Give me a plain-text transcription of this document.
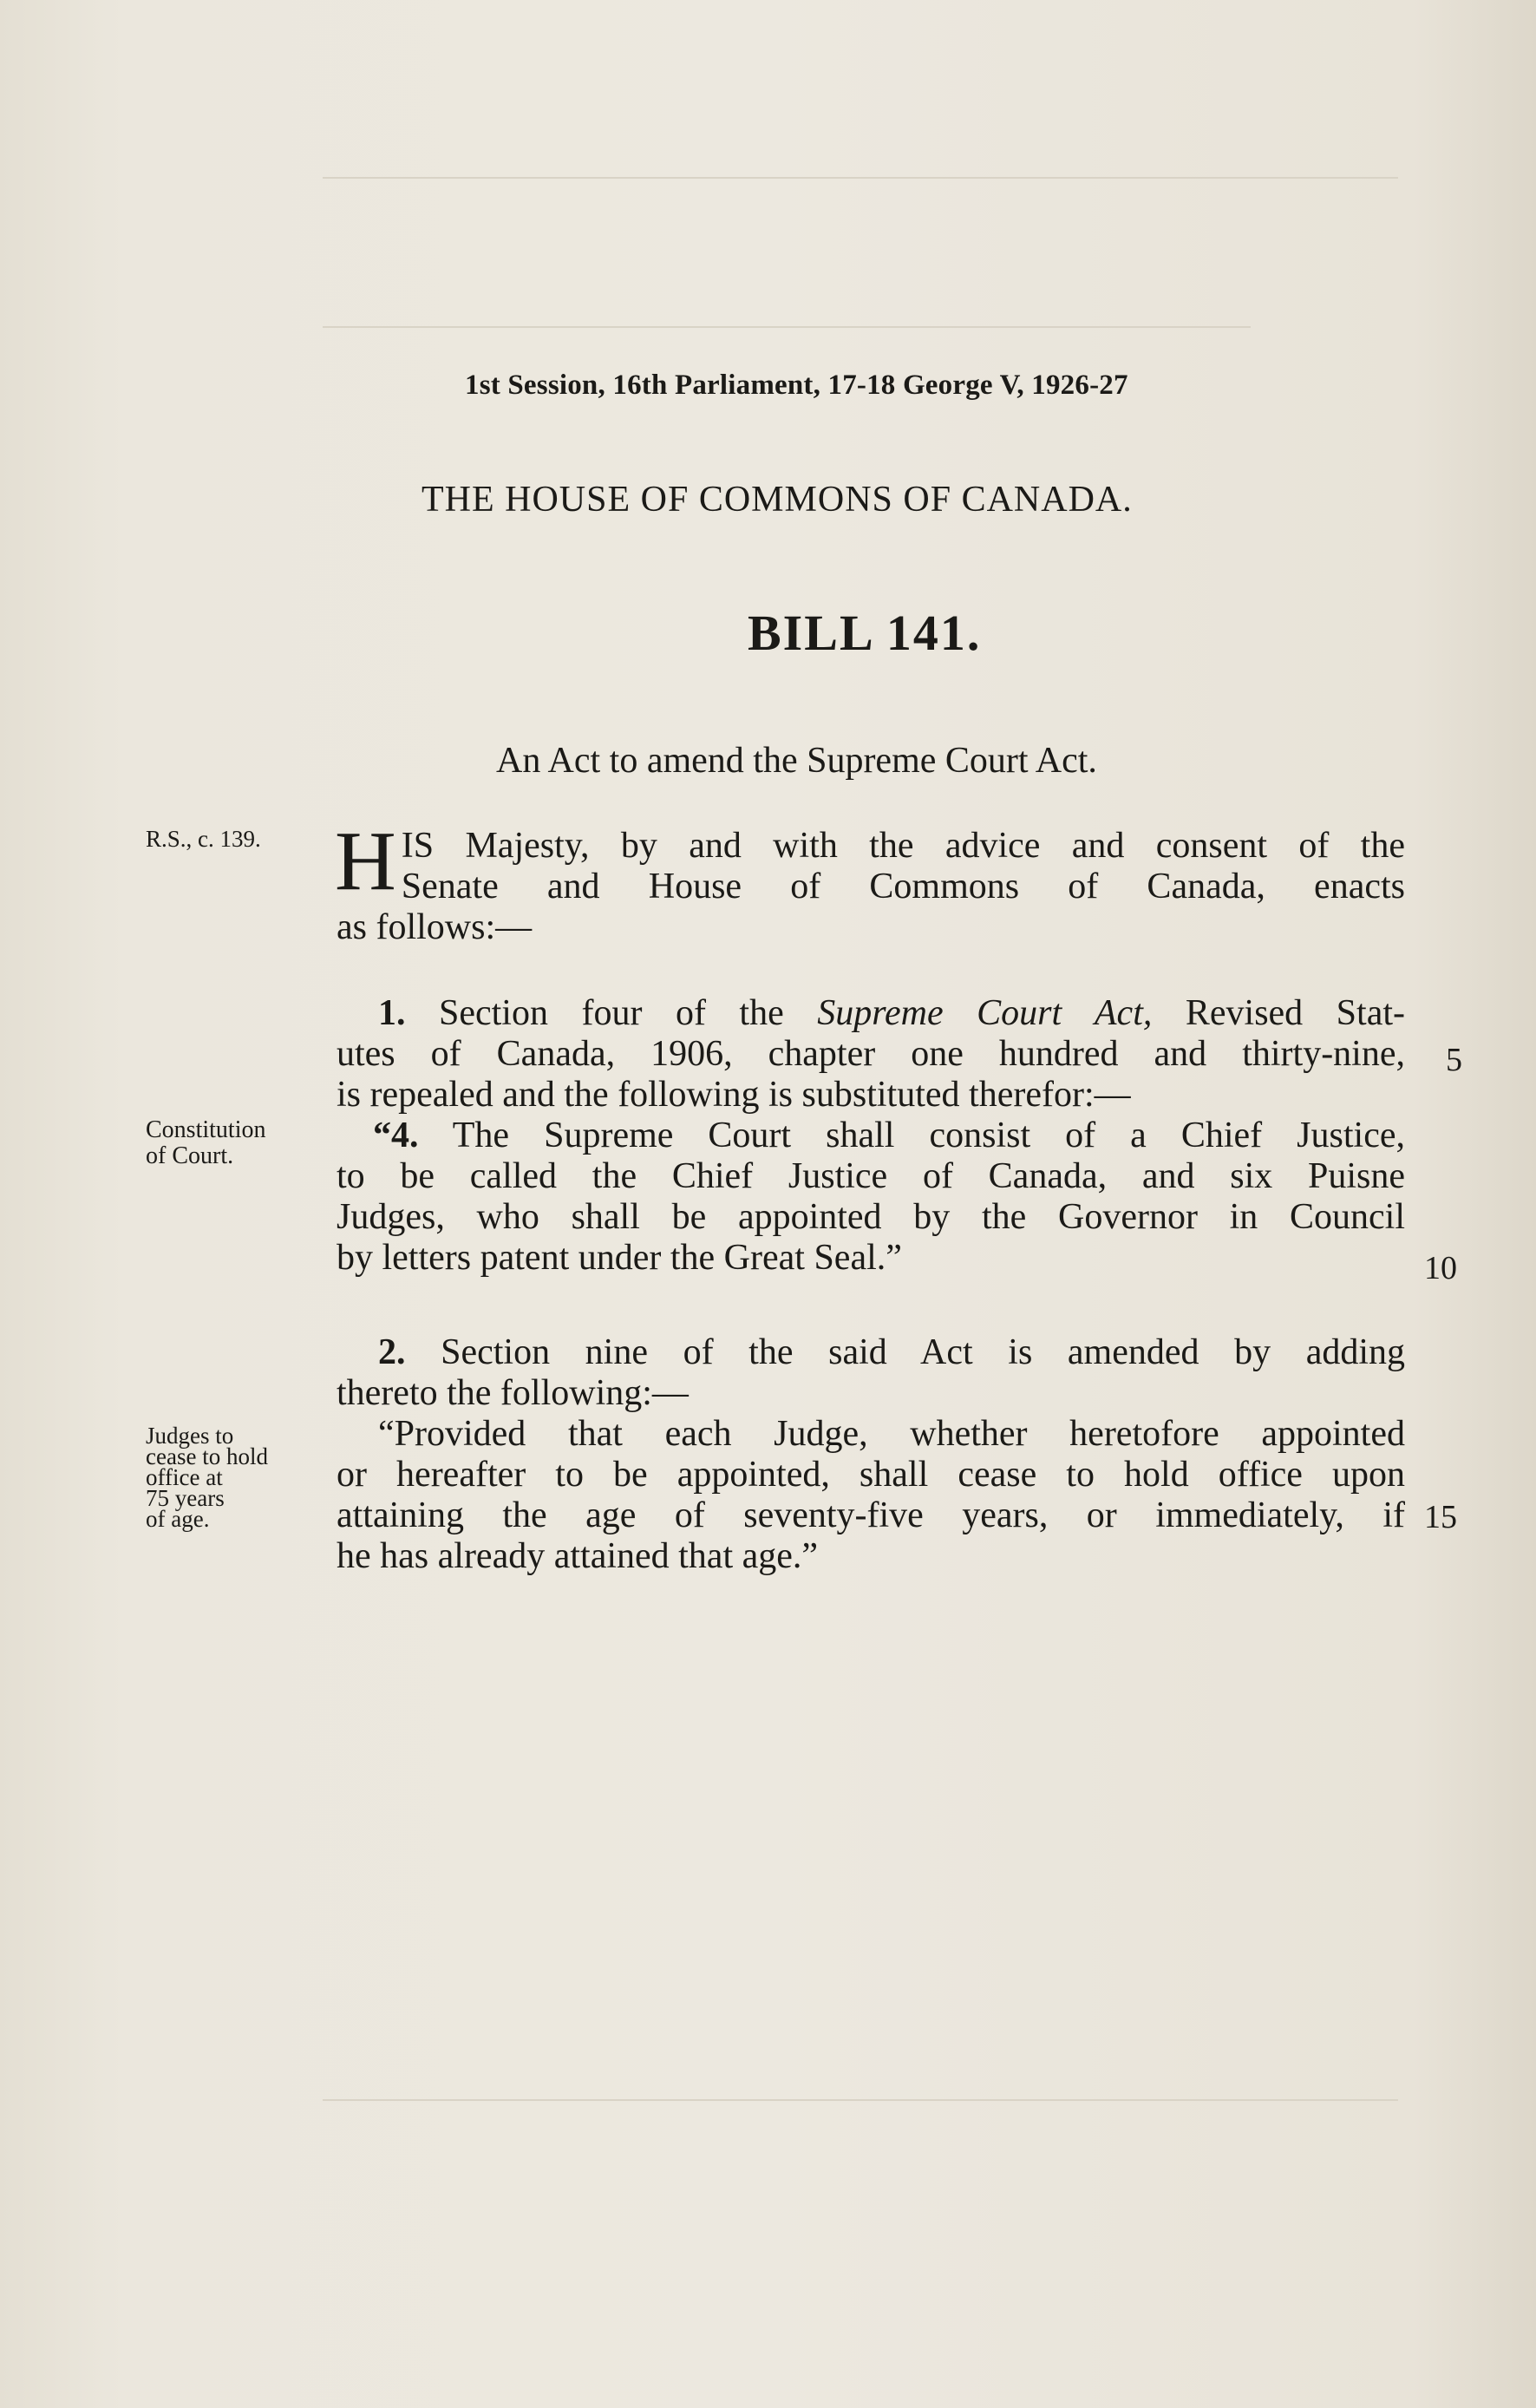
1st Session, 16th Parliament, 17-18 George V, 1926-27
THE HOUSE OF COMMONS OF CANADA.
BILL 141.
An Act to amend the Supreme Court Act.
R.S., c. 139.
Constitution
of Court.
Judges to
cease to hold
office at
75 years
of age.
H IS Majesty, by and with the advice and consent of the
Senate and House of Commons of Canada, enacts
as follows:—
1. Section four of the Supreme Court Act, Revised Stat-
utes of Canada, 1906, chapter one hundred and thirty-nine,
is repealed and the following is substituted therefor:—
“4. The Supreme Court shall consist of a Chief Justice,
to be called the Chief Justice of Canada, and six Puisne
Judges, who shall be appointed by the Governor in Council
by letters patent under the Great Seal.”
2. Section nine of the said Act is amended by adding
thereto the following:—
“Provided that each Judge, whether heretofore appointed
or hereafter to be appointed, shall cease to hold office upon
attaining the age of seventy-five years, or immediately, if
he has already attained that age.”
5
10
15
